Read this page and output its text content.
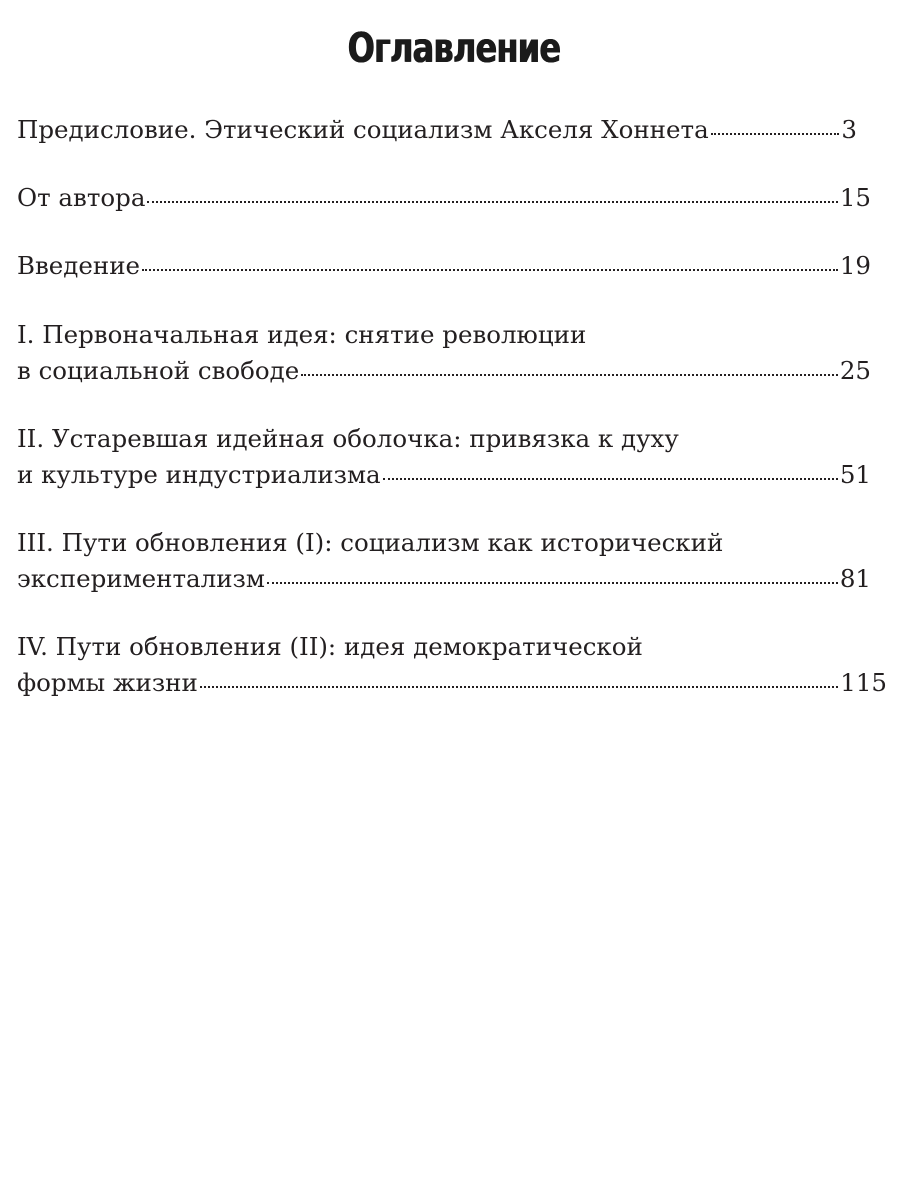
Оглавление
Предисловие. Этический социализм Акселя Хоннета	3
От автора	15
Введение	19
I. Первоначальная идея: снятие революции
в социальной свободе	25
II. Устаревшая идейная оболочка: привязка к духу
и культуре индустриализма	51
III. Пути обновления (I): социализм как исторический
экспериментализм	81
IV. Пути обновления (II): идея демократической
формы жизни	115
